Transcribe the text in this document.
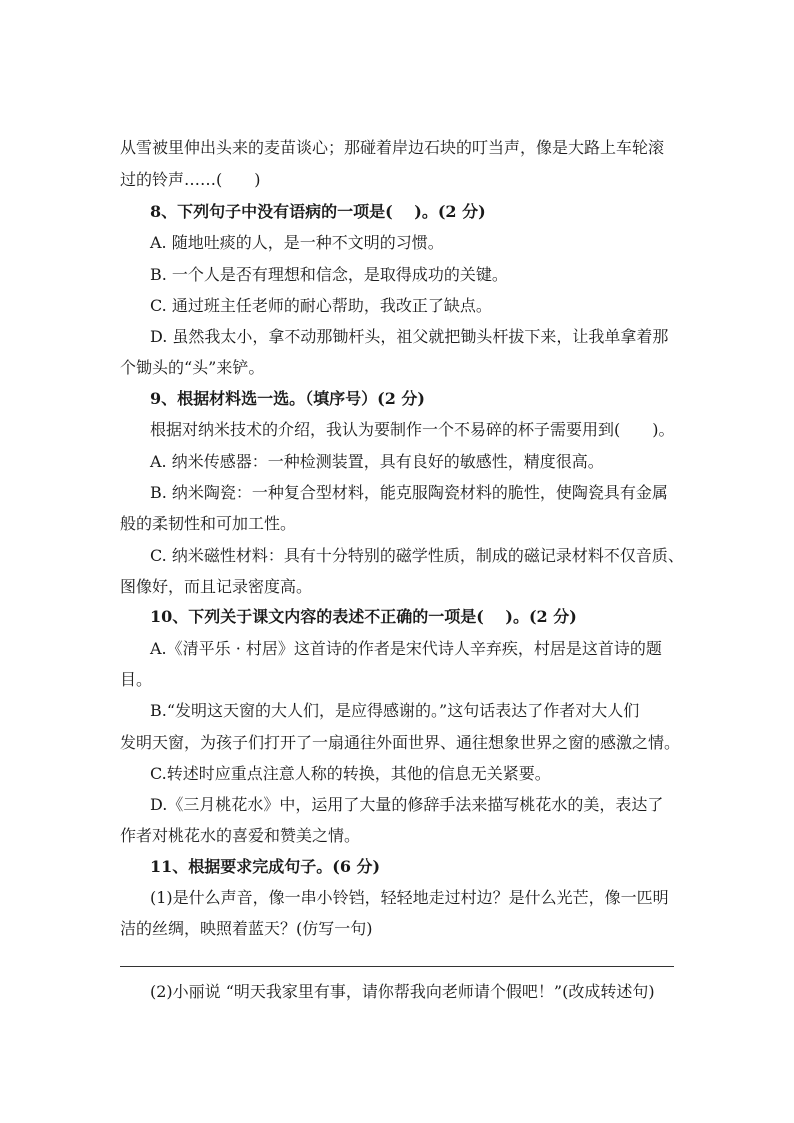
从雪被里伸出头来的麦苗谈心；那碰着岸边石块的叮当声，像是大路上车轮滚
过的铃声……(　　)
8、下列句子中没有语病的一项是(　 )。(2 分)
A. 随地吐痰的人，是一种不文明的习惯。
B. 一个人是否有理想和信念，是取得成功的关键。
C. 通过班主任老师的耐心帮助，我改正了缺点。
D. 虽然我太小，拿不动那锄杆头，祖父就把锄头杆拔下来，让我单拿着那
个锄头的“头”来铲。
9、根据材料选一选。（填序号）(2 分)
根据对纳米技术的介绍，我认为要制作一个不易碎的杯子需要用到(　　)。
A. 纳米传感器：一种检测装置，具有良好的敏感性，精度很高。
B. 纳米陶瓷：一种复合型材料，能克服陶瓷材料的脆性，使陶瓷具有金属
般的柔韧性和可加工性。
C. 纳米磁性材料：具有十分特别的磁学性质，制成的磁记录材料不仅音质、
图像好，而且记录密度高。
10、下列关于课文内容的表述不正确的一项是(　 )。(2 分)
A.《清平乐 · 村居》这首诗的作者是宋代诗人辛弃疾，村居是这首诗的题
目。
B.“发明这天窗的大人们，是应得感谢的。”这句话表达了作者对大人们
发明天窗，为孩子们打开了一扇通往外面世界、通往想象世界之窗的感激之情。
C.转述时应重点注意人称的转换，其他的信息无关紧要。
D.《三月桃花水》中，运用了大量的修辞手法来描写桃花水的美，表达了
作者对桃花水的喜爱和赞美之情。
11、根据要求完成句子。(6 分)
(1)是什么声音，像一串小铃铛，轻轻地走过村边？是什么光芒，像一匹明
洁的丝绸，映照着蓝天？(仿写一句)
(2)小丽说 “明天我家里有事，请你帮我向老师请个假吧！”(改成转述句)
